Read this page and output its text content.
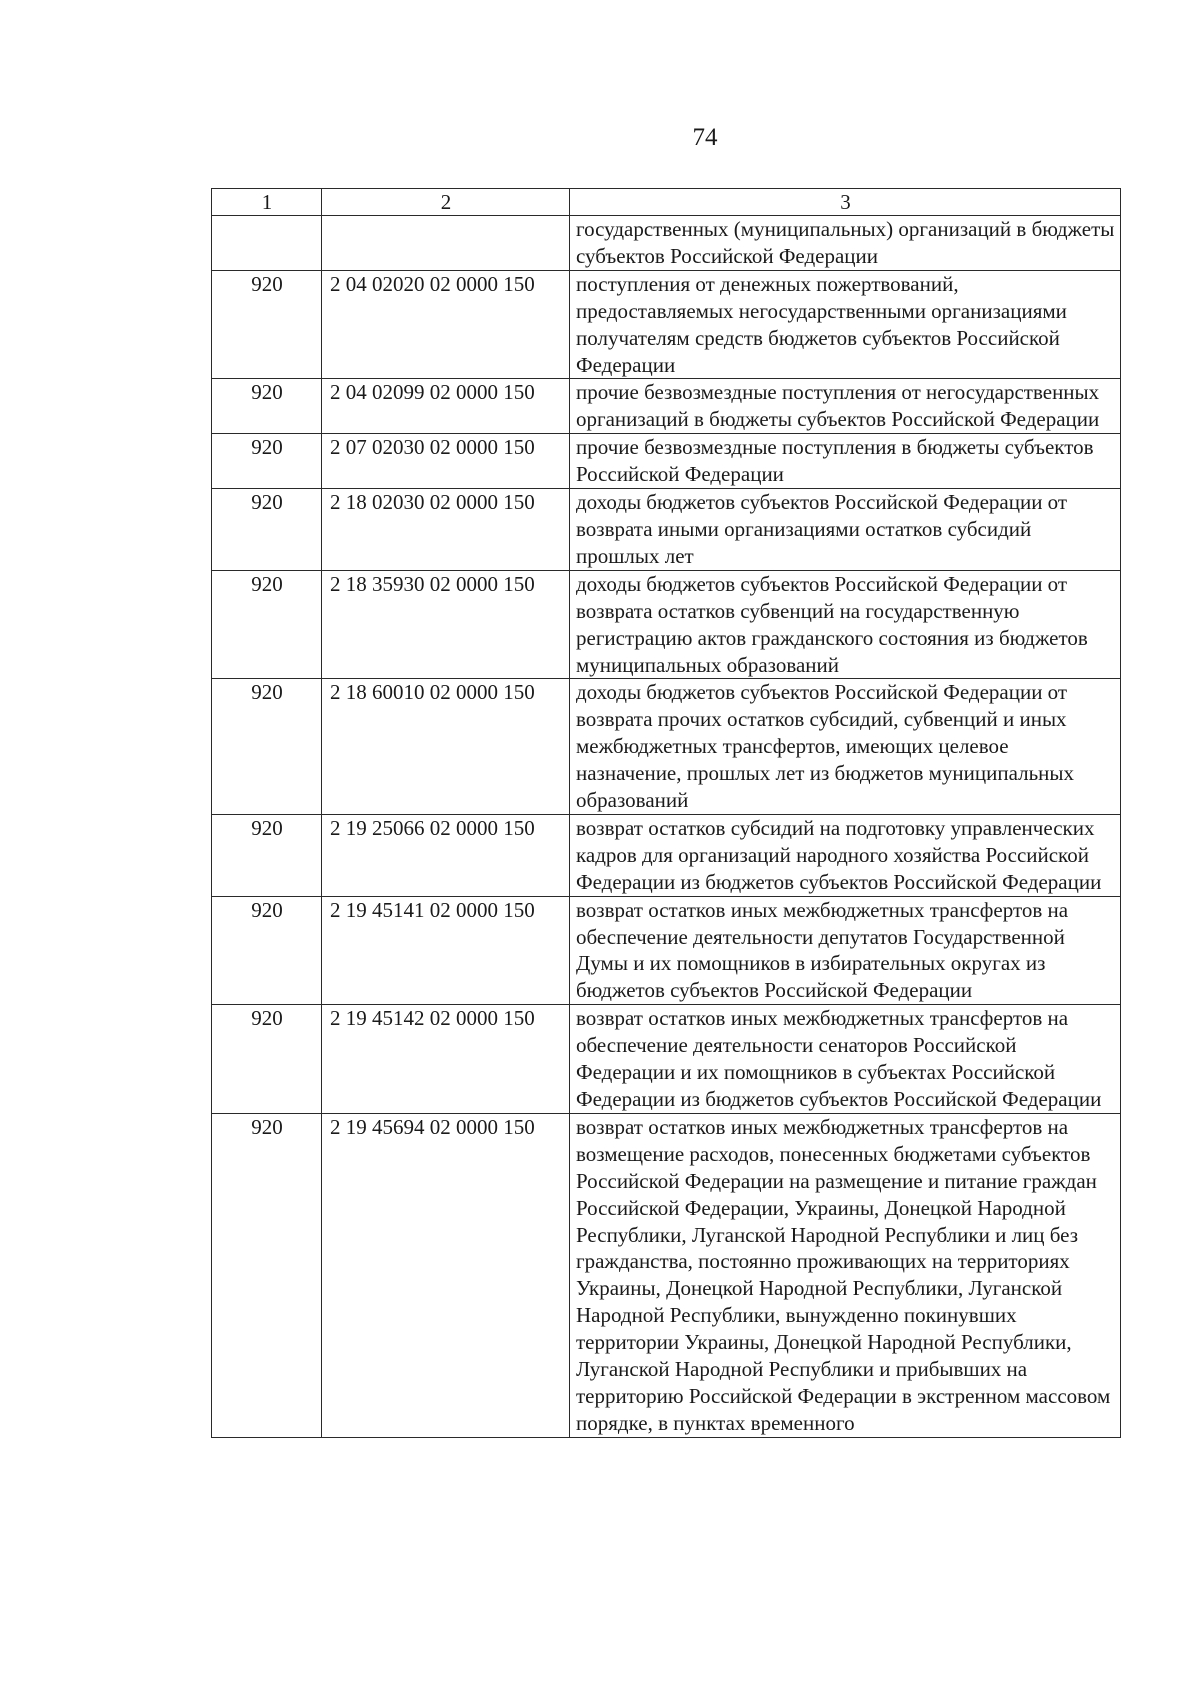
74
1	2	3
		государственных (муниципальных) организаций в бюджеты субъектов Российской Федерации
920	2 04 02020 02 0000 150	поступления от денежных пожертвований, предоставляемых негосударственными организациями получателям средств бюджетов субъектов Российской Федерации
920	2 04 02099 02 0000 150	прочие безвозмездные поступления от негосударственных организаций в бюджеты субъектов Российской Федерации
920	2 07 02030 02 0000 150	прочие безвозмездные поступления в бюджеты субъектов Российской Федерации
920	2 18 02030 02 0000 150	доходы бюджетов субъектов Российской Федерации от возврата иными организациями остатков субсидий прошлых лет
920	2 18 35930 02 0000 150	доходы бюджетов субъектов Российской Федерации от возврата остатков субвенций на государственную регистрацию актов гражданского состояния из бюджетов муниципальных образований
920	2 18 60010 02 0000 150	доходы бюджетов субъектов Российской Федерации от возврата прочих остатков субсидий, субвенций и иных межбюджетных трансфертов, имеющих целевое назначение, прошлых лет из бюджетов муниципальных образований
920	2 19 25066 02 0000 150	возврат остатков субсидий на подготовку управленческих кадров для организаций народного хозяйства Российской Федерации из бюджетов субъектов Российской Федерации
920	2 19 45141 02 0000 150	возврат остатков иных межбюджетных трансфертов на обеспечение деятельности депутатов Государственной Думы и их помощников в избирательных округах из бюджетов субъектов Российской Федерации
920	2 19 45142 02 0000 150	возврат остатков иных межбюджетных трансфертов на обеспечение деятельности сенаторов Российской Федерации и их помощников в субъектах Российской Федерации из бюджетов субъектов Российской Федерации
920	2 19 45694 02 0000 150	возврат остатков иных межбюджетных трансфертов на возмещение расходов, понесенных бюджетами субъектов Российской Федерации на размещение и питание граждан Российской Федерации, Украины, Донецкой Народной Республики, Луганской Народной Республики и лиц без гражданства, постоянно проживающих на территориях Украины, Донецкой Народной Республики, Луганской Народной Республики, вынужденно покинувших территории Украины, Донецкой Народной Республики, Луганской Народной Республики и прибывших на территорию Российской Федерации в экстренном массовом порядке, в пунктах временного
